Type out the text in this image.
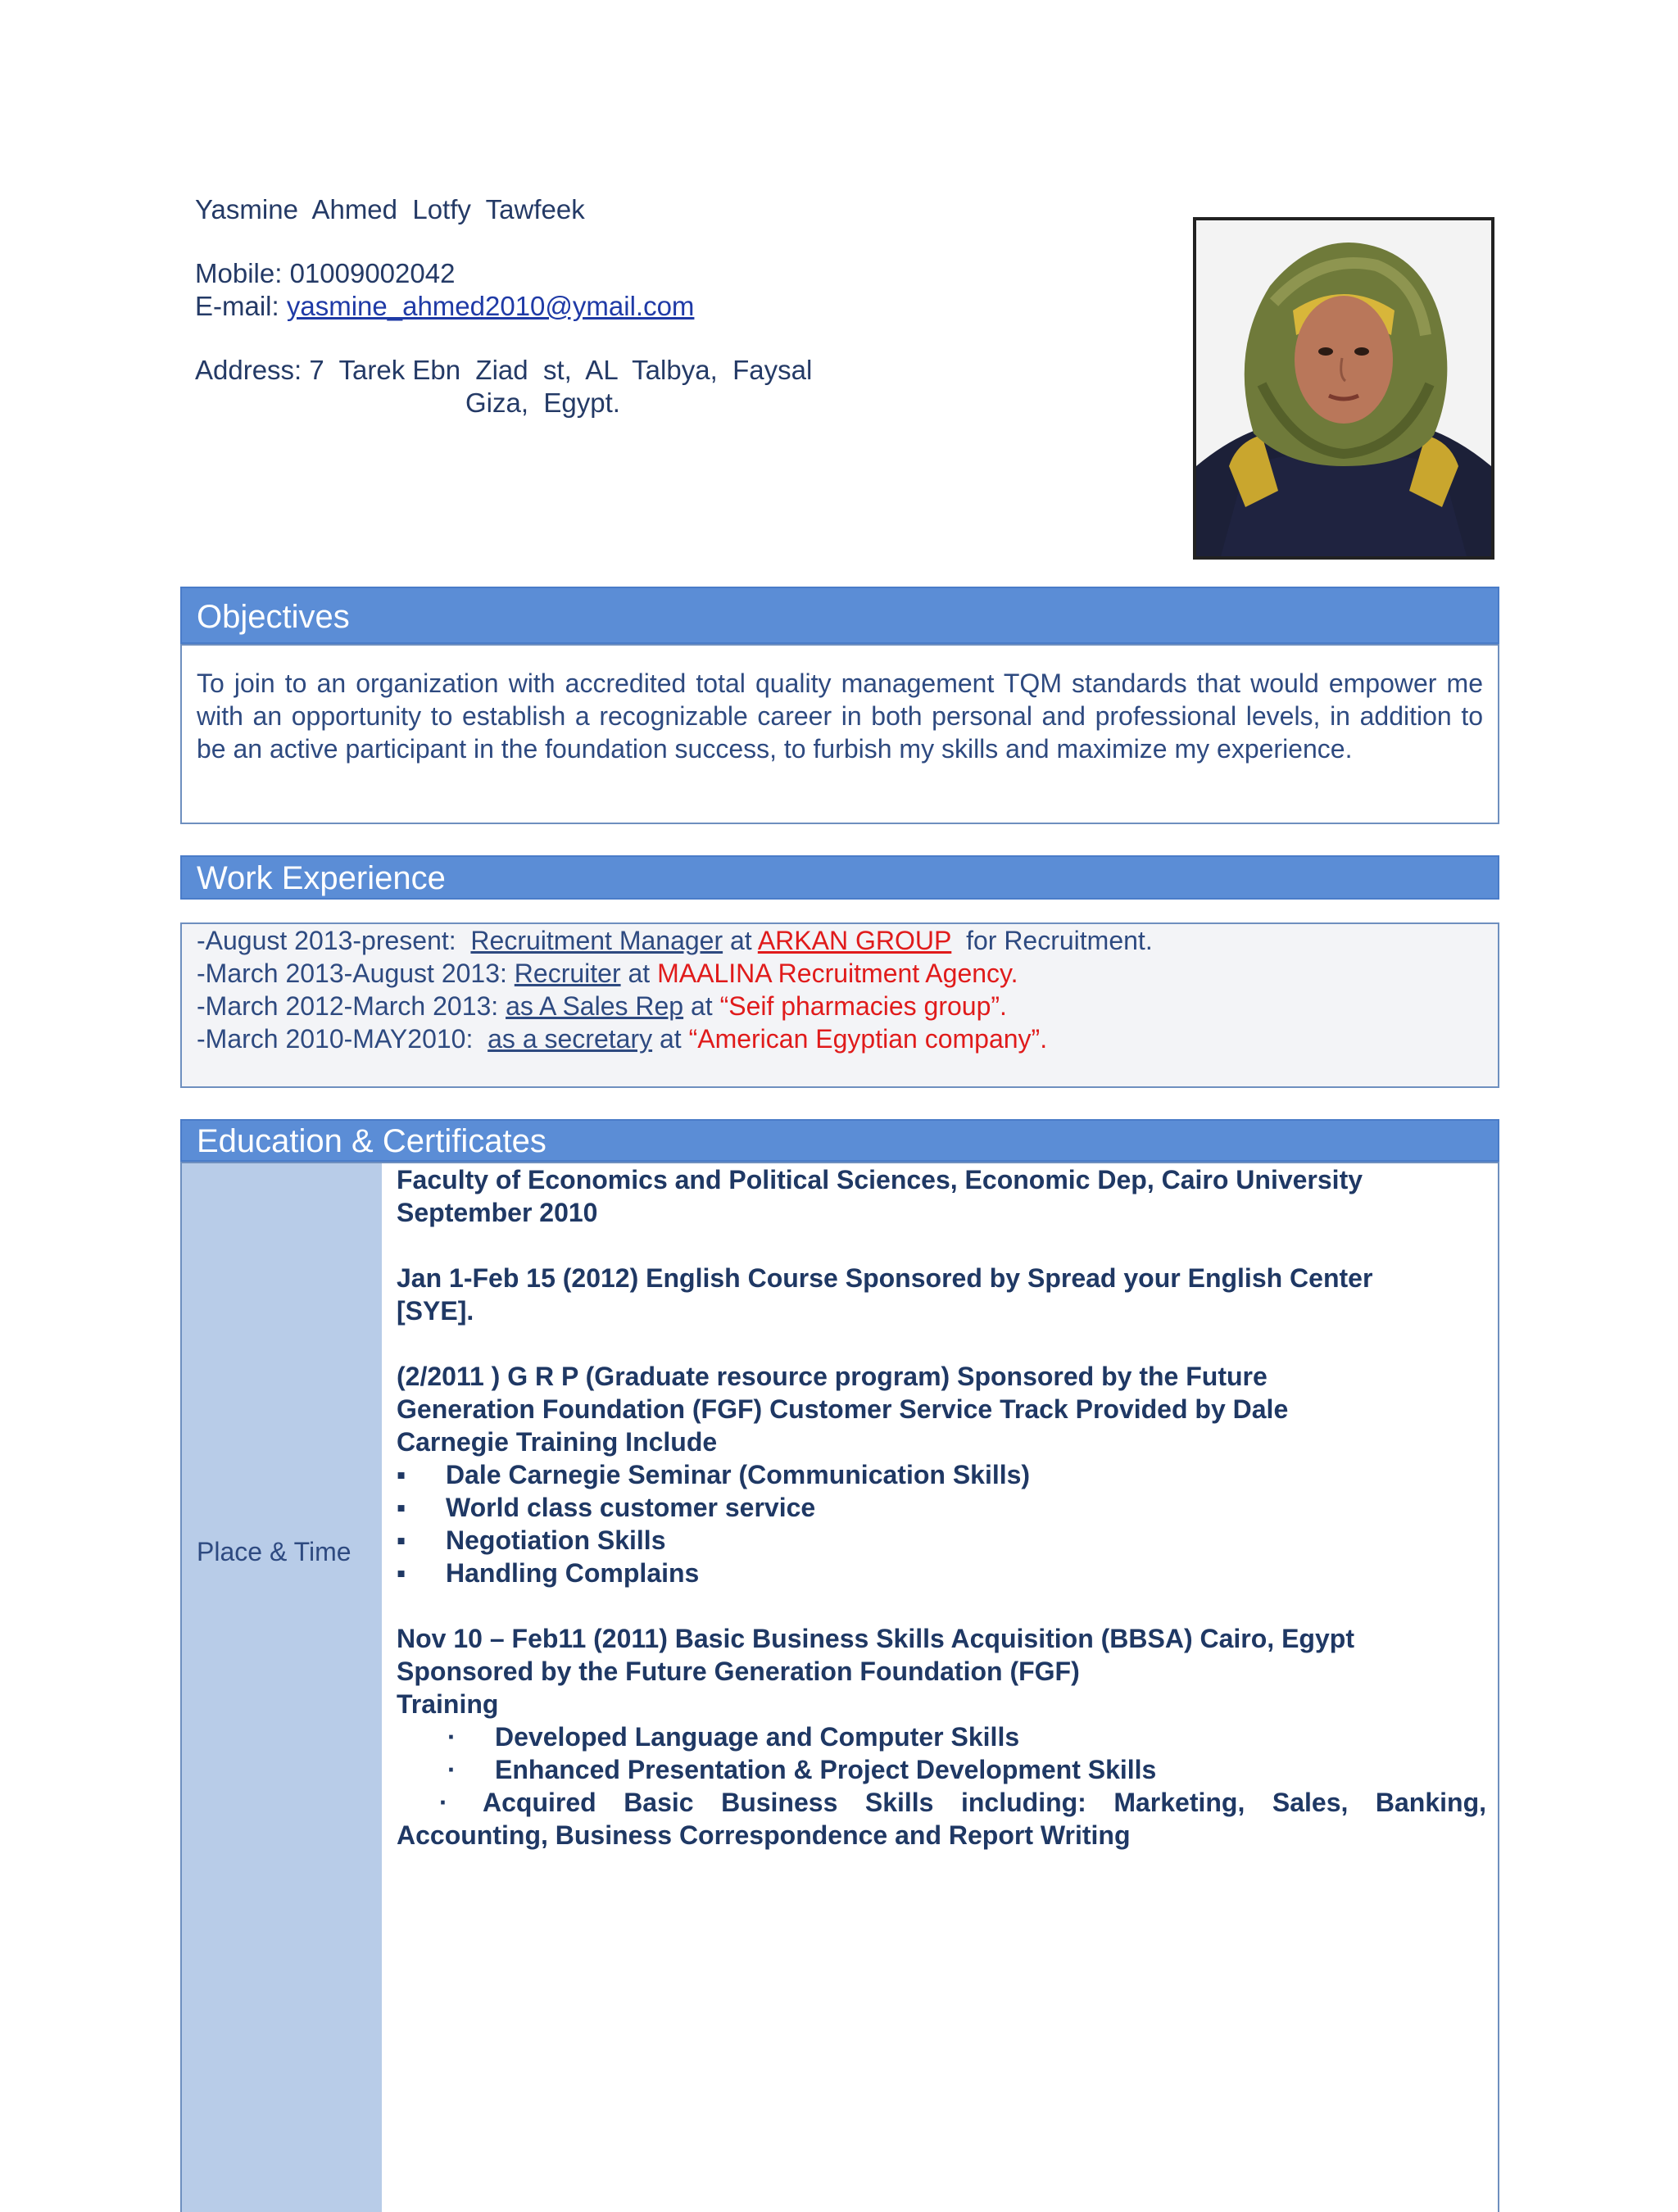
Yasmine  Ahmed  Lotfy  Tawfeek
Mobile: 01009002042
E-mail: yasmine_ahmed2010@ymail.com
Address: 7  Tarek Ebn  Ziad  st,  AL  Talbya,  Faysal
Giza,  Egypt.
Objectives
To join to an organization with accredited total quality management TQM standards that would empower me with an opportunity to establish a recognizable career in both personal and professional levels, in addition to be an active participant in the foundation success, to furbish my skills and maximize my experience.
Work Experience
-August 2013-present: Recruitment Manager at ARKAN GROUP for Recruitment.
-March 2013-August 2013: Recruiter at MAALINA Recruitment Agency.
-March 2012-March 2013: as A Sales Rep at “Seif pharmacies group”.
-March 2010-MAY2010: as a secretary at “American Egyptian company”.
Education & Certificates
Place & Time
Faculty of Economics and Political Sciences, Economic Dep, Cairo University
September 2010
Jan 1-Feb 15 (2012) English Course Sponsored by Spread your English Center
[SYE].
(2/2011 ) G R P (Graduate resource program) Sponsored by the Future
Generation Foundation (FGF) Customer Service Track Provided by Dale
Carnegie Training Include
▪ Dale Carnegie Seminar (Communication Skills)
▪ World class customer service
▪ Negotiation Skills
▪ Handling Complains
Nov 10 – Feb11 (2011) Basic Business Skills Acquisition (BBSA) Cairo, Egypt
Sponsored by the Future Generation Foundation (FGF)
Training
· Developed Language and Computer Skills
· Enhanced Presentation & Project Development Skills
· Acquired Basic Business Skills including: Marketing, Sales, Banking,
Accounting, Business Correspondence and Report Writing
